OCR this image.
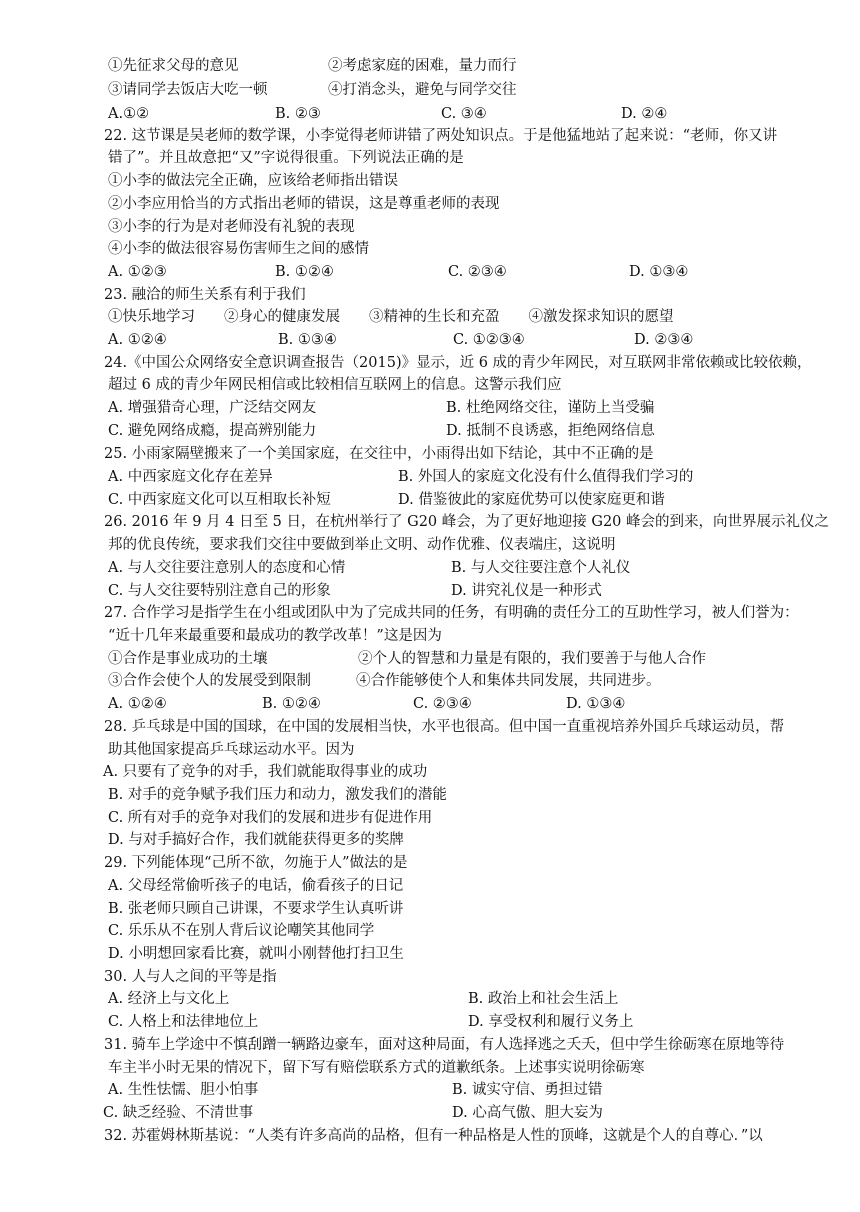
①先征求父母的意见	②考虑家庭的困难，量力而行
③请同学去饭店大吃一顿	④打消念头，避免与同学交往
A.①②	B. ②③	C. ③④	D. ②④
22. 这节课是吴老师的数学课，小李觉得老师讲错了两处知识点。于是他猛地站了起来说：“老师，你又讲
错了”。并且故意把“又”字说得很重。下列说法正确的是
①小李的做法完全正确，应该给老师指出错误
②小李应用恰当的方式指出老师的错误，这是尊重老师的表现
③小李的行为是对老师没有礼貌的表现
④小李的做法很容易伤害师生之间的感情
A. ①②③	B. ①②④	C. ②③④	D. ①③④
23. 融洽的师生关系有利于我们
①快乐地学习　　②身心的健康发展　　③精神的生长和充盈　　④激发探求知识的愿望
A. ①②④	B. ①③④	C. ①②③④	D. ②③④
24.《中国公众网络安全意识调查报告（2015)》显示，近 6 成的青少年网民，对互联网非常依赖或比较依赖，
超过 6 成的青少年网民相信或比较相信互联网上的信息。这警示我们应
A. 增强猎奇心理，广泛结交网友	B. 杜绝网络交往，谨防上当受骗
C. 避免网络成瘾，提高辨别能力	D. 抵制不良诱惑，拒绝网络信息
25. 小雨家隔壁搬来了一个美国家庭，在交往中，小雨得出如下结论，其中不正确的是
A. 中西家庭文化存在差异	B. 外国人的家庭文化没有什么值得我们学习的
C. 中西家庭文化可以互相取长补短	D. 借鉴彼此的家庭优势可以使家庭更和谐
26. 2016 年 9 月 4 日至 5 日，在杭州举行了 G20 峰会，为了更好地迎接 G20 峰会的到来，向世界展示礼仪之
邦的优良传统，要求我们交往中要做到举止文明、动作优雅、仪表端庄，这说明
A. 与人交往要注意别人的态度和心情	B. 与人交往要注意个人礼仪
C. 与人交往要特别注意自己的形象	D. 讲究礼仪是一种形式
27. 合作学习是指学生在小组或团队中为了完成共同的任务，有明确的责任分工的互助性学习，被人们誉为：
“近十几年来最重要和最成功的教学改革！”这是因为
①合作是事业成功的土壤	②个人的智慧和力量是有限的，我们要善于与他人合作
③合作会使个人的发展受到限制	④合作能够使个人和集体共同发展，共同进步。
A. ①②④	B. ①②④	C. ②③④	D. ①③④
28. 乒乓球是中国的国球，在中国的发展相当快，水平也很高。但中国一直重视培养外国乒乓球运动员，帮
助其他国家提高乒乓球运动水平。因为
A. 只要有了竞争的对手，我们就能取得事业的成功
B. 对手的竞争赋予我们压力和动力，激发我们的潜能
C. 所有对手的竞争对我们的发展和进步有促进作用
D. 与对手搞好合作，我们就能获得更多的奖牌
29. 下列能体现“己所不欲，勿施于人”做法的是
A. 父母经常偷听孩子的电话，偷看孩子的日记
B. 张老师只顾自己讲课，不要求学生认真听讲
C. 乐乐从不在别人背后议论嘲笑其他同学
D. 小明想回家看比赛，就叫小刚替他打扫卫生
30. 人与人之间的平等是指
A. 经济上与文化上	B. 政治上和社会生活上
C. 人格上和法律地位上	D. 享受权利和履行义务上
31. 骑车上学途中不慎刮蹭一辆路边豪车，面对这种局面，有人选择逃之夭夭，但中学生徐砺寒在原地等待
车主半小时无果的情况下，留下写有赔偿联系方式的道歉纸条。上述事实说明徐砺寒
A. 生性怯懦、胆小怕事	B. 诚实守信、勇担过错
C. 缺乏经验、不清世事	D. 心高气傲、胆大妄为
32. 苏霍姆林斯基说：“人类有许多高尚的品格，但有一种品格是人性的顶峰，这就是个人的自尊心．”以
